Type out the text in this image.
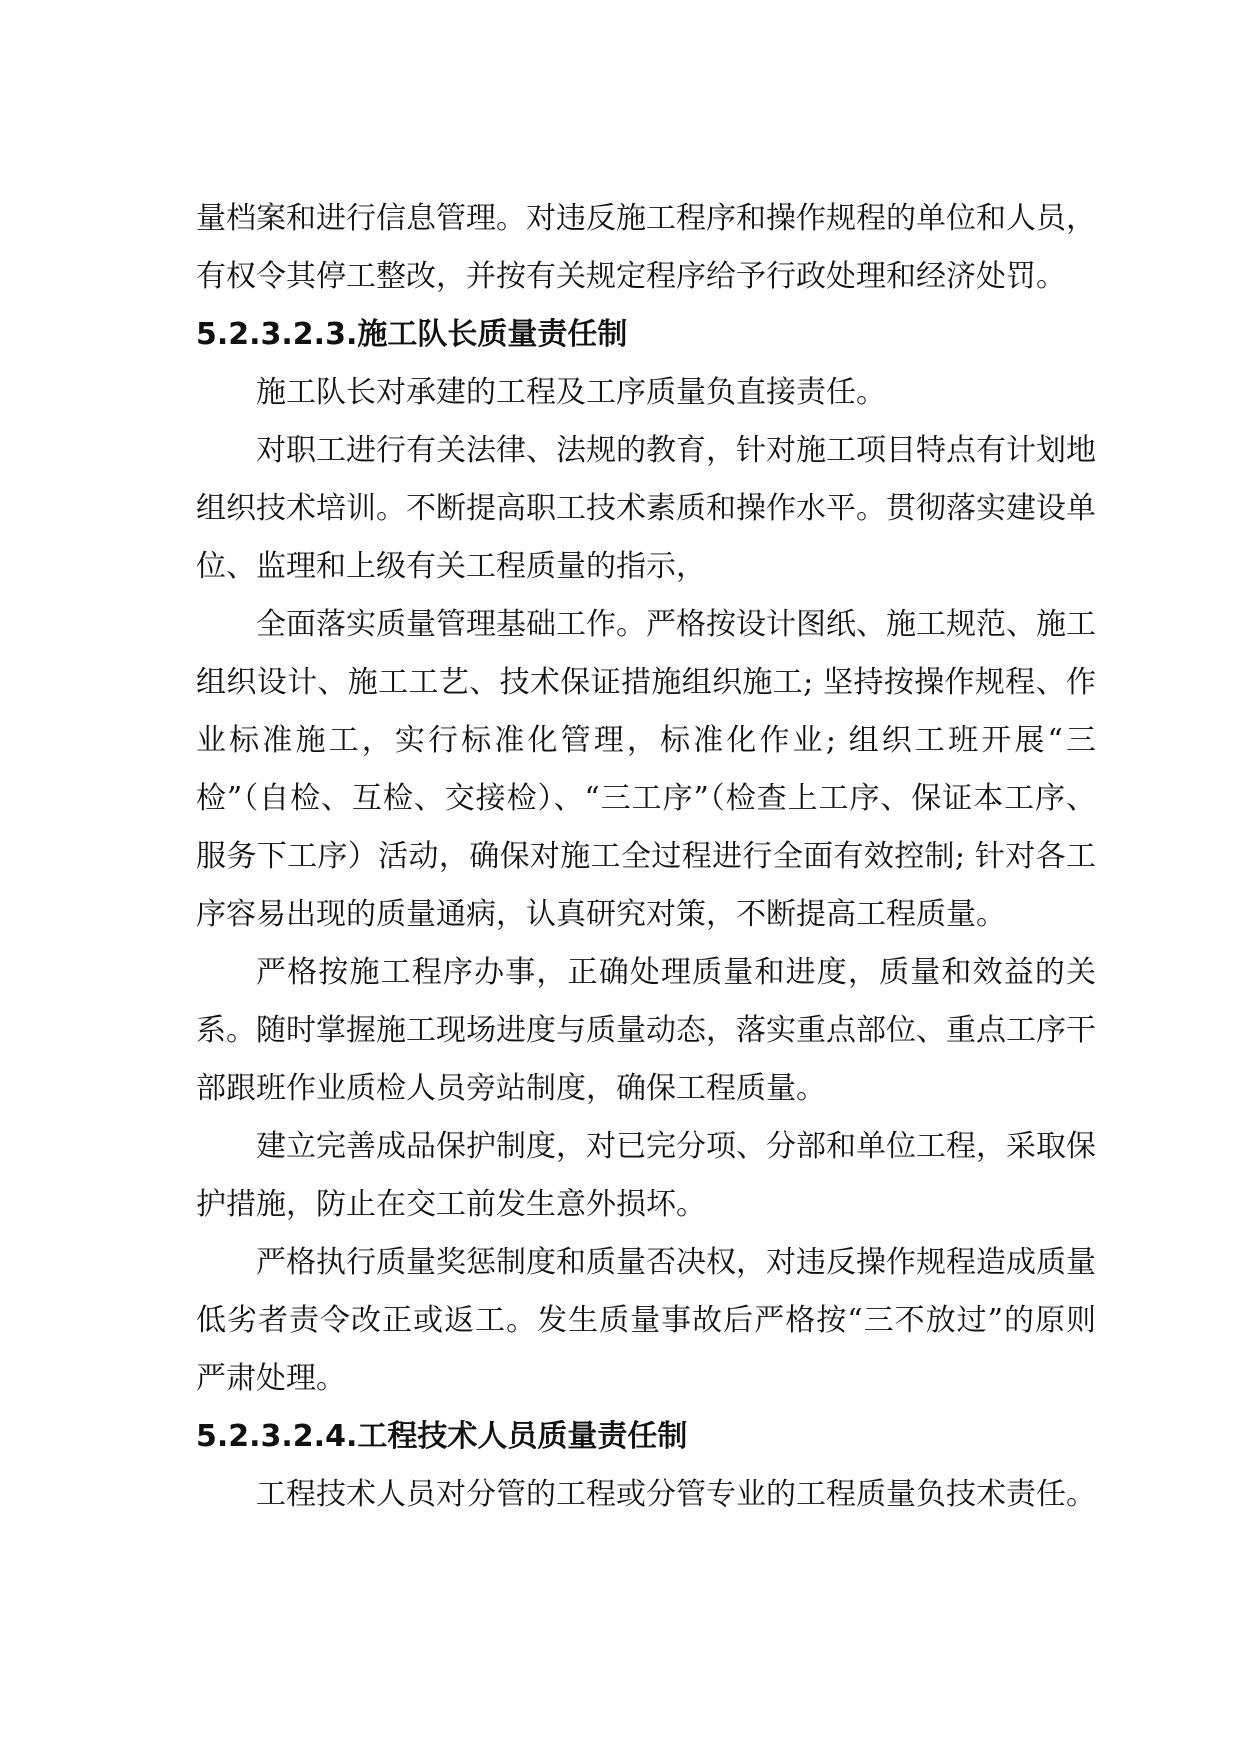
量档案和进行信息管理。对违反施工程序和操作规程的单位和人员，有权令其停工整改，并按有关规定程序给予行政处理和经济处罚。

5.2.3.2.3.施工队长质量责任制

施工队长对承建的工程及工序质量负直接责任。

对职工进行有关法律、法规的教育，针对施工项目特点有计划地组织技术培训。不断提高职工技术素质和操作水平。贯彻落实建设单位、监理和上级有关工程质量的指示，

全面落实质量管理基础工作。严格按设计图纸、施工规范、施工组织设计、施工工艺、技术保证措施组织施工; 坚持按操作规程、作业标准施工，实行标准化管理，标准化作业; 组织工班开展“三检”（自检、互检、交接检）、“三工序”（检查上工序、保证本工序、服务下工序）活动，确保对施工全过程进行全面有效控制; 针对各工序容易出现的质量通病，认真研究对策，不断提高工程质量。

严格按施工程序办事，正确处理质量和进度，质量和效益的关系。随时掌握施工现场进度与质量动态，落实重点部位、重点工序干部跟班作业质检人员旁站制度，确保工程质量。

建立完善成品保护制度，对已完分项、分部和单位工程，采取保护措施，防止在交工前发生意外损坏。

严格执行质量奖惩制度和质量否决权，对违反操作规程造成质量低劣者责令改正或返工。发生质量事故后严格按“三不放过”的原则严肃处理。

5.2.3.2.4.工程技术人员质量责任制

工程技术人员对分管的工程或分管专业的工程质量负技术责任。
